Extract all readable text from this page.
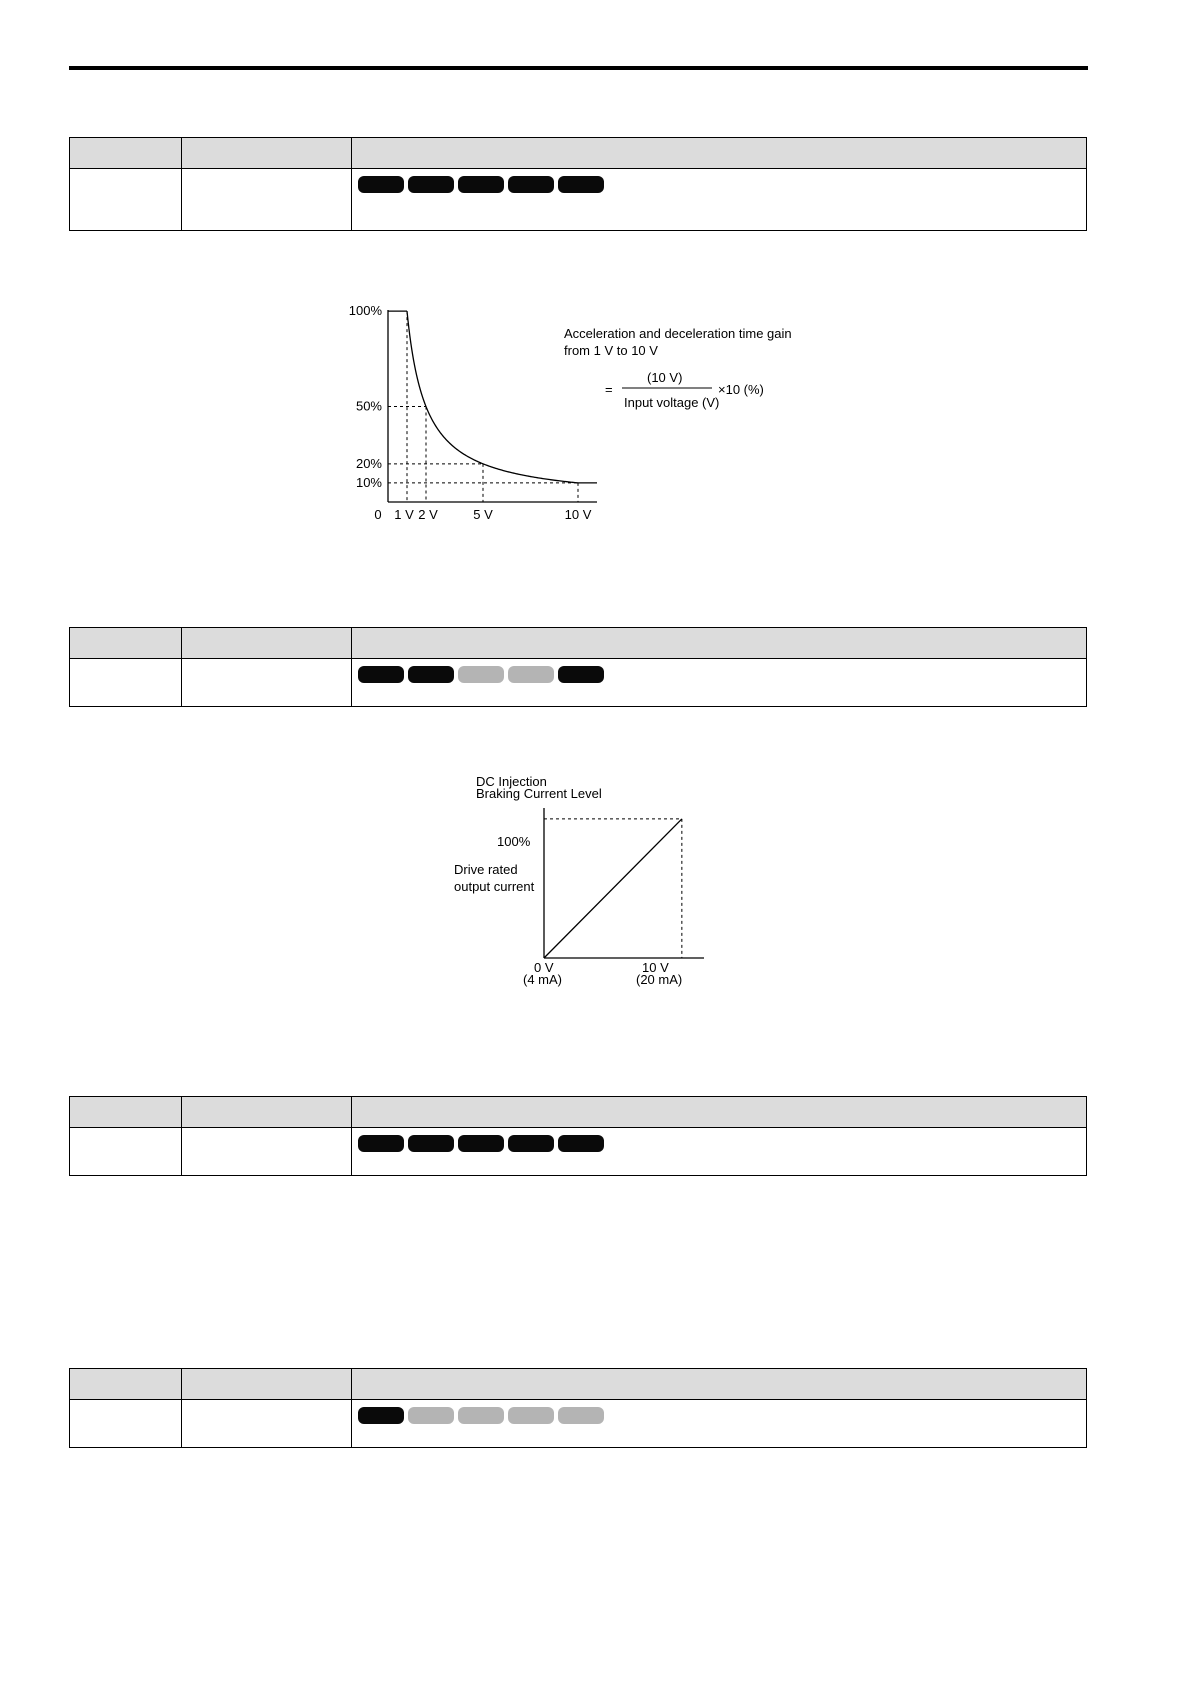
100%
50%
20%
10%
0 1 V 2 V	5 V	10 V
Acceleration and deceleration time gain
from 1 V to 10 V
=
(10 V)
Input voltage (V)
×10 (%)

DC Injection
Braking Current Level
100%
Drive rated
output current
0 V
(4 mA)
10 V
(20 mA)
